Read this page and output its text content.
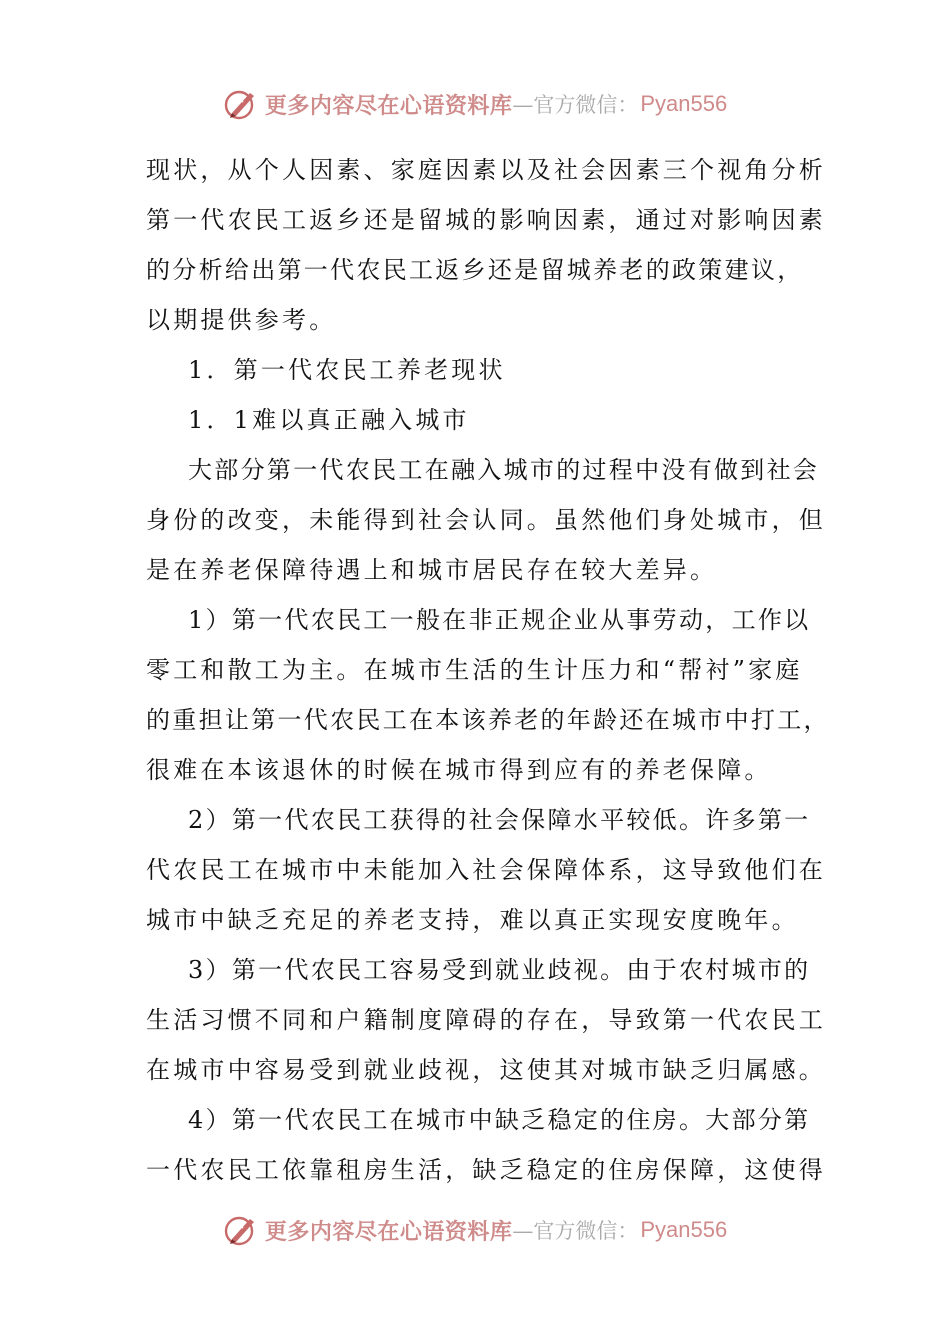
更多内容尽在心语资料库 —官方微信： Pyan556
现状，从个人因素、家庭因素以及社会因素三个视角分析
第一代农民工返乡还是留城的影响因素，通过对影响因素
的分析给出第一代农民工返乡还是留城养老的政策建议，
以期提供参考。
1．第一代农民工养老现状
1．1难以真正融入城市
大部分第一代农民工在融入城市的过程中没有做到社会
身份的改变，未能得到社会认同。虽然他们身处城市，但
是在养老保障待遇上和城市居民存在较大差异。
1）第一代农民工一般在非正规企业从事劳动，工作以
零工和散工为主。在城市生活的生计压力和“帮衬”家庭
的重担让第一代农民工在本该养老的年龄还在城市中打工，
很难在本该退休的时候在城市得到应有的养老保障。
2）第一代农民工获得的社会保障水平较低。许多第一
代农民工在城市中未能加入社会保障体系，这导致他们在
城市中缺乏充足的养老支持，难以真正实现安度晚年。
3）第一代农民工容易受到就业歧视。由于农村城市的
生活习惯不同和户籍制度障碍的存在，导致第一代农民工
在城市中容易受到就业歧视，这使其对城市缺乏归属感。
4）第一代农民工在城市中缺乏稳定的住房。大部分第
一代农民工依靠租房生活，缺乏稳定的住房保障，这使得
更多内容尽在心语资料库 —官方微信： Pyan556
